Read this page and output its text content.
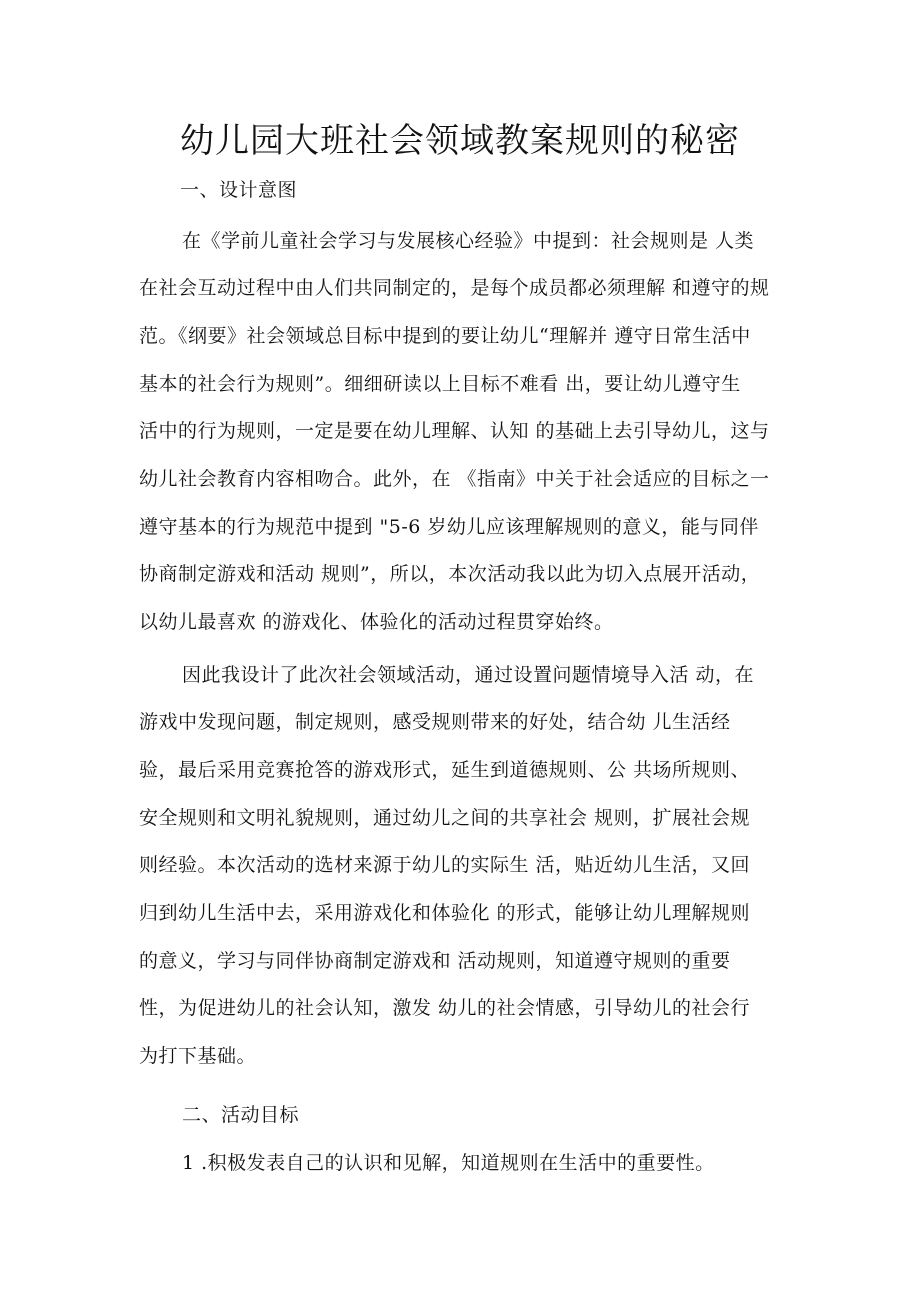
幼儿园大班社会领域教案规则的秘密
一、设计意图
在《学前儿童社会学习与发展核心经验》中提到：社会规则是 人类
在社会互动过程中由人们共同制定的，是每个成员都必须理解 和遵守的规
范。《纲要》社会领域总目标中提到的要让幼儿“理解并 遵守日常生活中
基本的社会行为规则”。细细研读以上目标不难看 出，要让幼儿遵守生
活中的行为规则，一定是要在幼儿理解、认知 的基础上去引导幼儿，这与
幼儿社会教育内容相吻合。此外，在 《指南》中关于社会适应的目标之一
遵守基本的行为规范中提到 "5-6 岁幼儿应该理解规则的意义，能与同伴
协商制定游戏和活动 规则”，所以，本次活动我以此为切入点展开活动，
以幼儿最喜欢 的游戏化、体验化的活动过程贯穿始终。
因此我设计了此次社会领域活动，通过设置问题情境导入活 动，在
游戏中发现问题，制定规则，感受规则带来的好处，结合幼 儿生活经
验，最后采用竞赛抢答的游戏形式，延生到道德规则、公 共场所规则、
安全规则和文明礼貌规则，通过幼儿之间的共享社会 规则，扩展社会规
则经验。本次活动的选材来源于幼儿的实际生 活，贴近幼儿生活，又回
归到幼儿生活中去，采用游戏化和体验化 的形式，能够让幼儿理解规则
的意义，学习与同伴协商制定游戏和 活动规则，知道遵守规则的重要
性，为促进幼儿的社会认知，激发 幼儿的社会情感，引导幼儿的社会行
为打下基础。
二、活动目标
1 .积极发表自己的认识和见解，知道规则在生活中的重要性。
